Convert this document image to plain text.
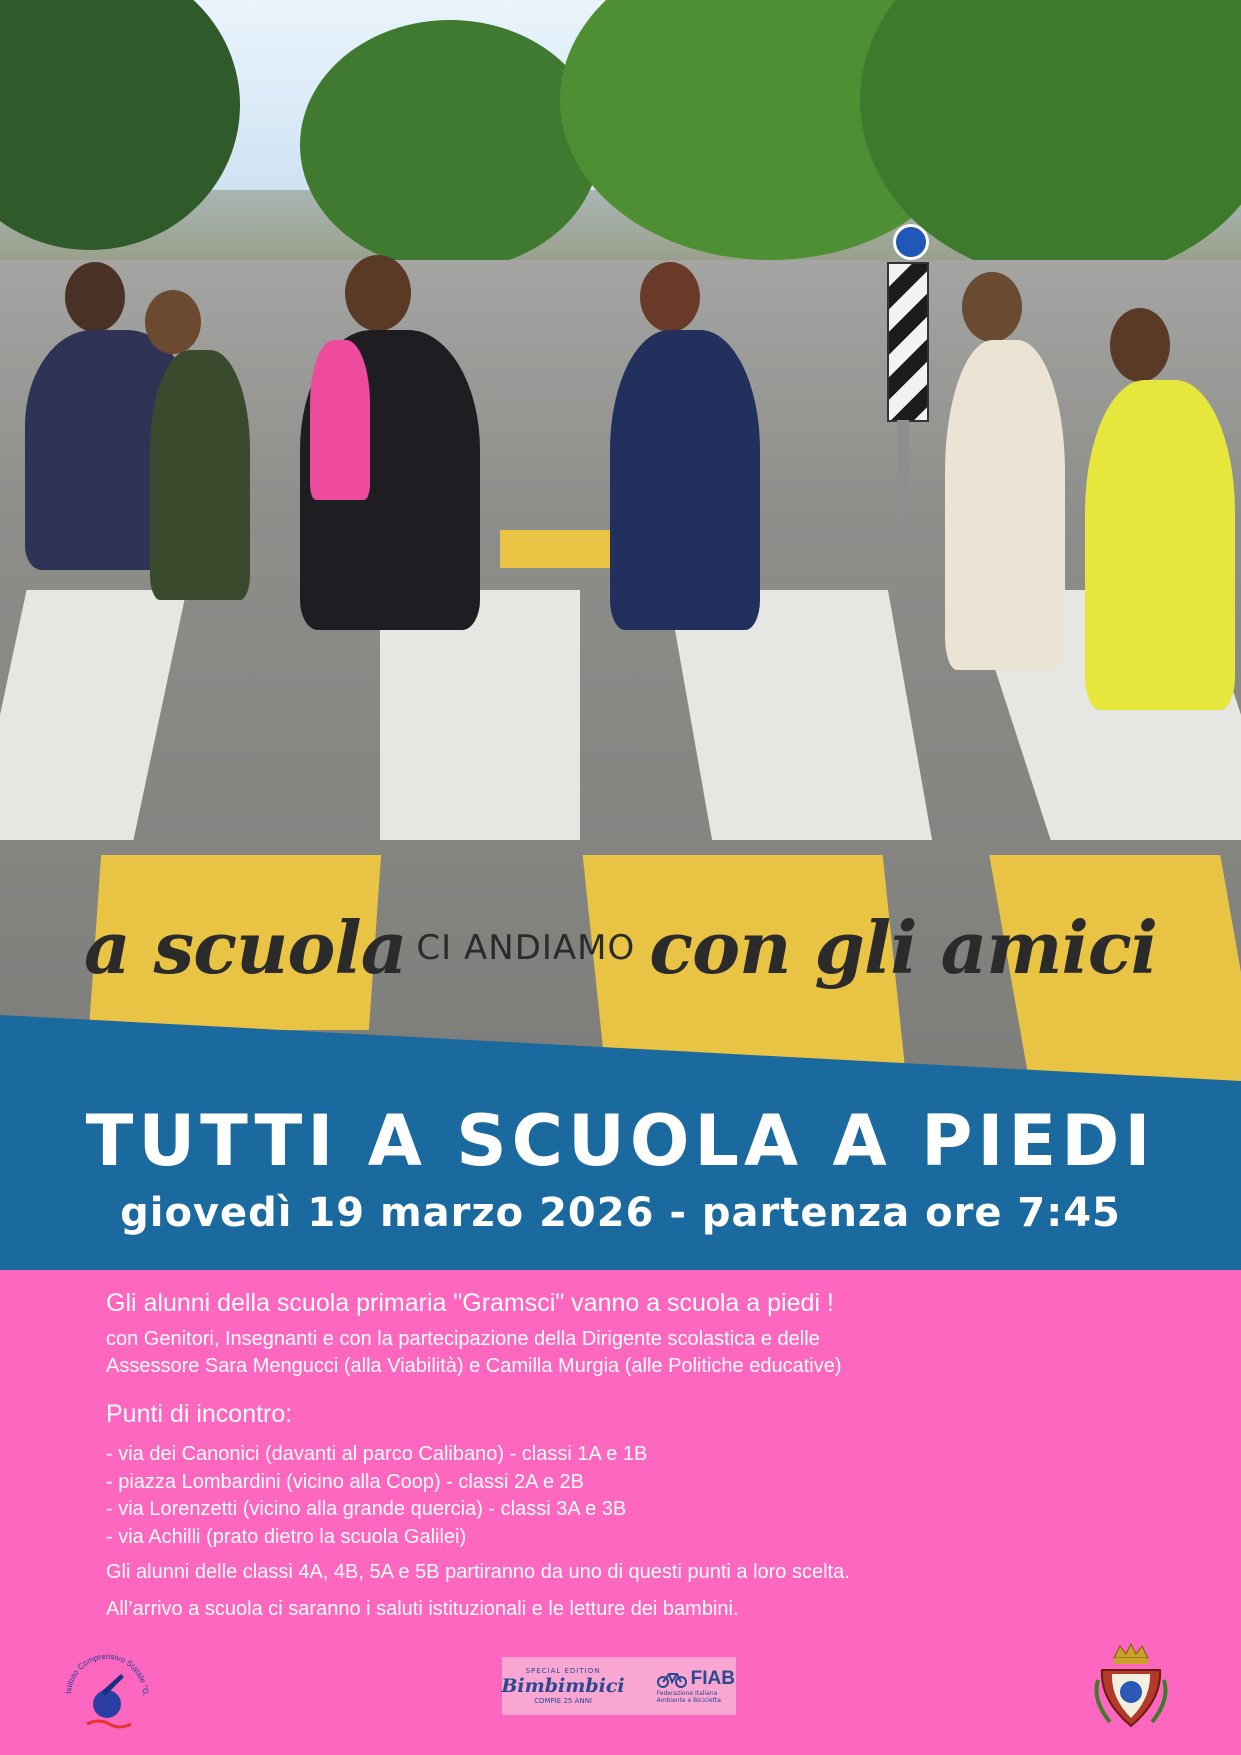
a scuola CI ANDIAMO con gli amici
TUTTI A SCUOLA A PIEDI
giovedì 19 marzo 2026 - partenza ore 7:45
Gli alunni della scuola primaria "Gramsci" vanno a scuola a piedi !
con Genitori, Insegnanti e con la partecipazione della Dirigente scolastica e delle
Assessore Sara Mengucci (alla Viabilità) e Camilla Murgia (alle Politiche educative)
Punti di incontro:
- via dei Canonici (davanti al parco Calibano) - classi 1A e 1B
- piazza Lombardini (vicino alla Coop) - classi 2A e 2B
- via Lorenzetti (vicino alla grande quercia) - classi 3A e 3B
- via Achilli (prato dietro la scuola Galilei)
Gli alunni delle classi 4A, 4B, 5A e 5B partiranno da uno di questi punti a loro scelta.
All’arrivo a scuola ci saranno i saluti istituzionali e le letture dei bambini.
Istituto Comprensivo Statale "G.
SPECIAL EDITION
Bimbimbici
COMPIE 25 ANNI
FIAB
Federazione Italiana Ambiente e Bicicletta
